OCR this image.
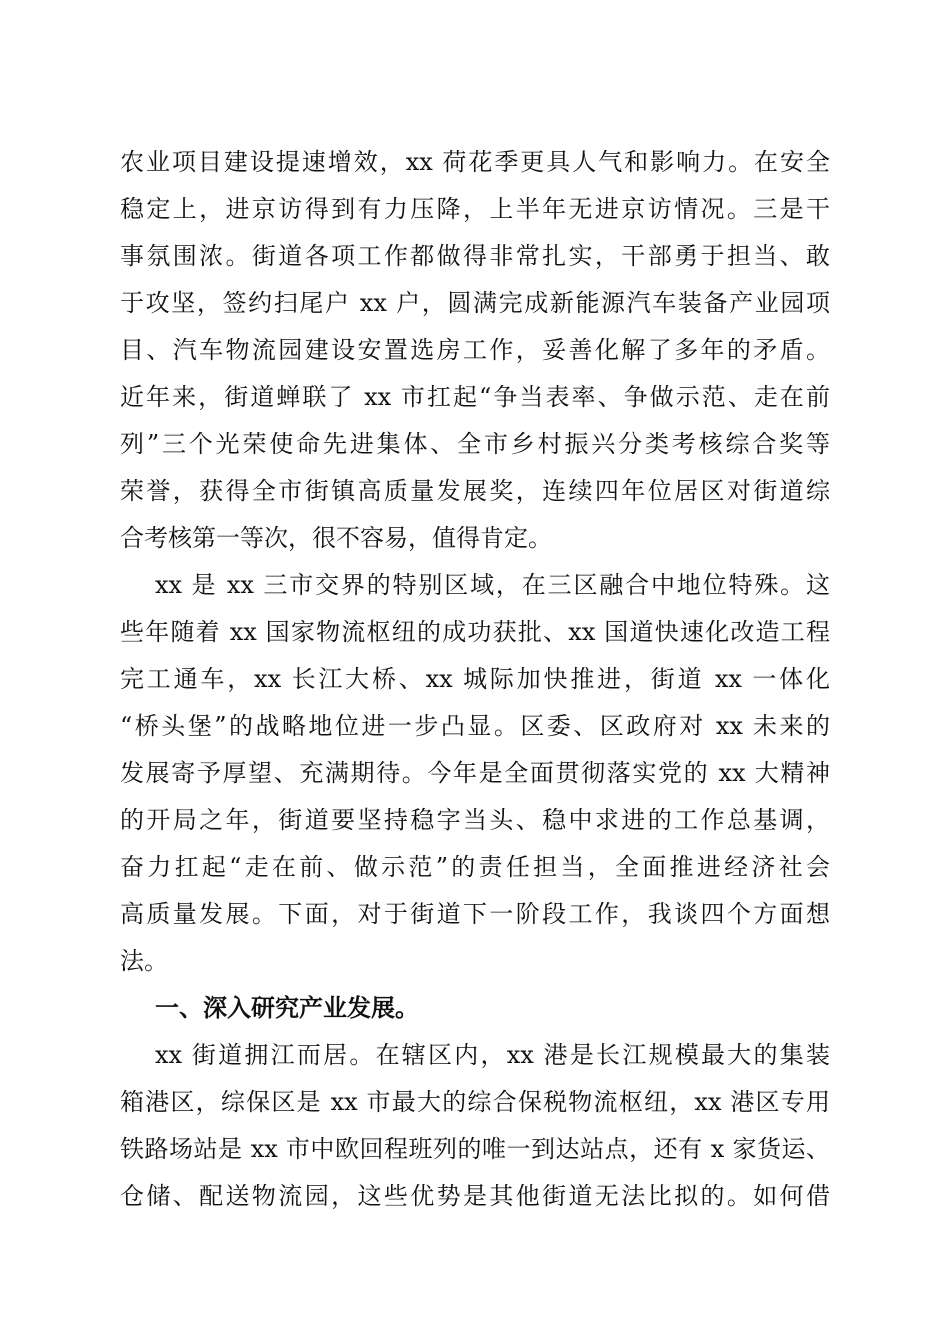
农业项目建设提速增效，xx 荷花季更具人气和影响力。在安全
稳定上，进京访得到有力压降，上半年无进京访情况。三是干
事氛围浓。街道各项工作都做得非常扎实，干部勇于担当、敢
于攻坚，签约扫尾户 xx 户，圆满完成新能源汽车装备产业园项
目、汽车物流园建设安置选房工作，妥善化解了多年的矛盾。
近年来，街道蝉联了 xx 市扛起“争当表率、争做示范、走在前
列”三个光荣使命先进集体、全市乡村振兴分类考核综合奖等
荣誉，获得全市街镇高质量发展奖，连续四年位居区对街道综
合考核第一等次，很不容易，值得肯定。
xx 是 xx 三市交界的特别区域，在三区融合中地位特殊。这
些年随着 xx 国家物流枢纽的成功获批、xx 国道快速化改造工程
完工通车，xx 长江大桥、xx 城际加快推进，街道 xx 一体化
“桥头堡”的战略地位进一步凸显。区委、区政府对 xx 未来的
发展寄予厚望、充满期待。今年是全面贯彻落实党的 xx 大精神
的开局之年，街道要坚持稳字当头、稳中求进的工作总基调，
奋力扛起“走在前、做示范”的责任担当，全面推进经济社会
高质量发展。下面，对于街道下一阶段工作，我谈四个方面想
法。
一、深入研究产业发展。
xx 街道拥江而居。在辖区内，xx 港是长江规模最大的集装
箱港区，综保区是 xx 市最大的综合保税物流枢纽，xx 港区专用
铁路场站是 xx 市中欧回程班列的唯一到达站点，还有 x 家货运、
仓储、配送物流园，这些优势是其他街道无法比拟的。如何借
